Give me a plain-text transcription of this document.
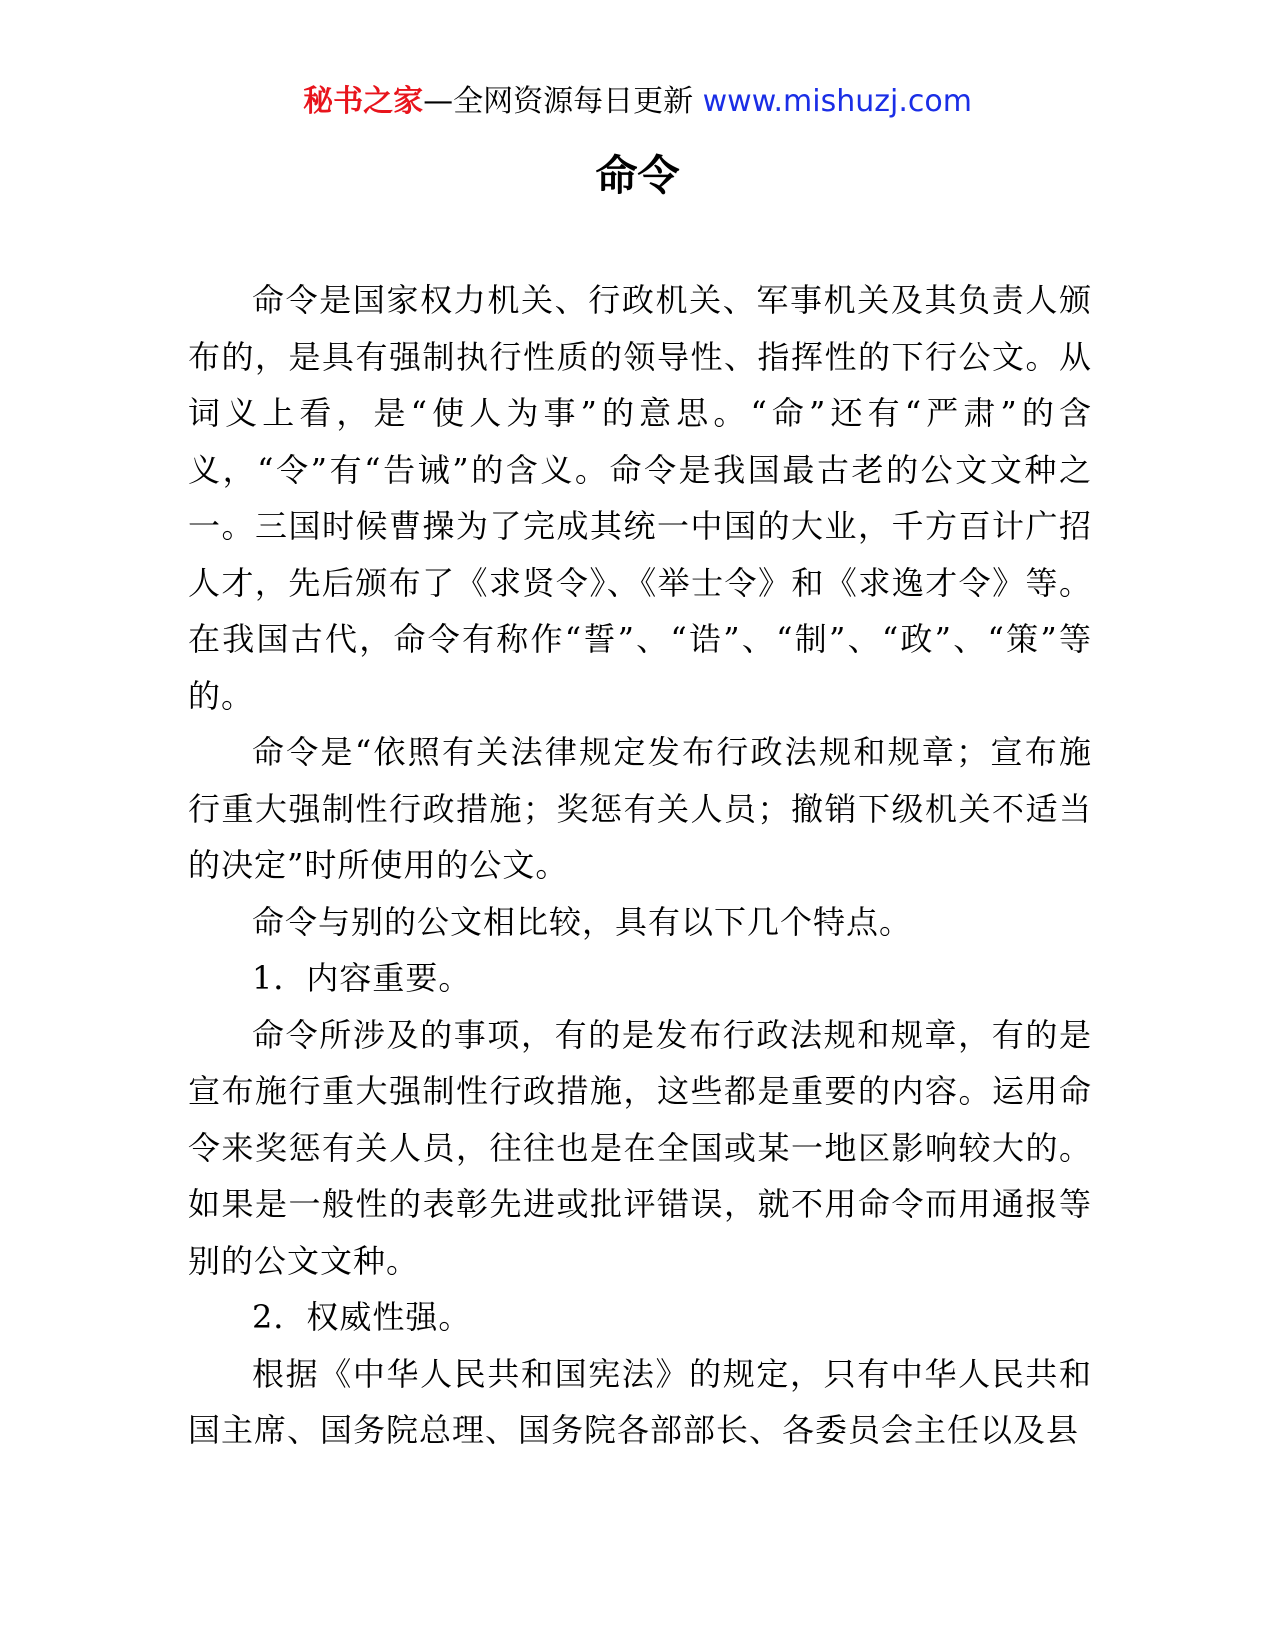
秘书之家—全网资源每日更新 www.mishuzj.com
命令

命令是国家权力机关、行政机关、军事机关及其负责人颁布的，是具有强制执行性质的领导性、指挥性的下行公文。从词义上看，是“使人为事”的意思。“命”还有“严肃”的含义，“令”有“告诫”的含义。命令是我国最古老的公文文种之一。三国时候曹操为了完成其统一中国的大业，千方百计广招人才，先后颁布了《求贤令》、《举士令》和《求逸才令》等。在我国古代，命令有称作“誓”、“诰”、“制”、“政”、“策”等的。

命令是“依照有关法律规定发布行政法规和规章；宣布施行重大强制性行政措施；奖惩有关人员；撤销下级机关不适当的决定”时所使用的公文。

命令与别的公文相比较，具有以下几个特点。

1．内容重要。

命令所涉及的事项，有的是发布行政法规和规章，有的是宣布施行重大强制性行政措施，这些都是重要的内容。运用命令来奖惩有关人员，往往也是在全国或某一地区影响较大的。如果是一般性的表彰先进或批评错误，就不用命令而用通报等别的公文文种。

2．权威性强。

根据《中华人民共和国宪法》的规定，只有中华人民共和国主席、国务院总理、国务院各部部长、各委员会主任以及县
